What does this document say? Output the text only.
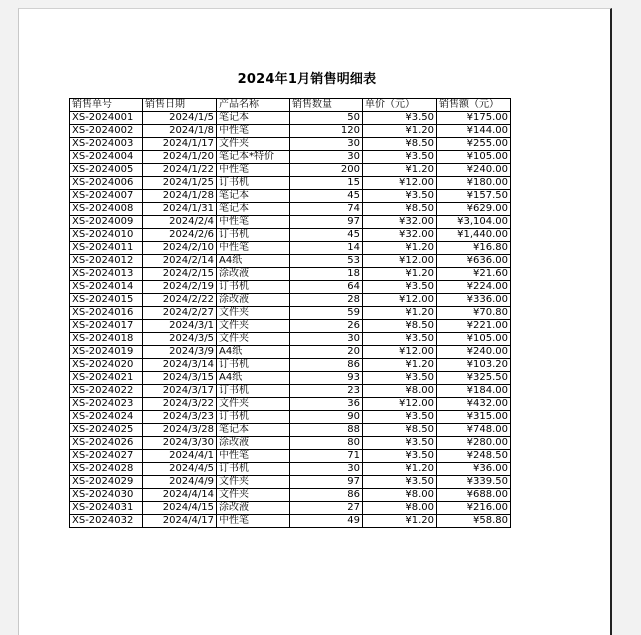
2024年1月销售明细表
销售单号	销售日期	产品名称	销售数量	单价（元）	销售额（元）
XS-2024001	2024/1/5	笔记本	50	¥3.50	¥175.00
XS-2024002	2024/1/8	中性笔	120	¥1.20	¥144.00
XS-2024003	2024/1/17	文件夹	30	¥8.50	¥255.00
XS-2024004	2024/1/20	笔记本*特价	30	¥3.50	¥105.00
XS-2024005	2024/1/22	中性笔	200	¥1.20	¥240.00
XS-2024006	2024/1/25	订书机	15	¥12.00	¥180.00
XS-2024007	2024/1/28	笔记本	45	¥3.50	¥157.50
XS-2024008	2024/1/31	笔记本	74	¥8.50	¥629.00
XS-2024009	2024/2/4	中性笔	97	¥32.00	¥3,104.00
XS-2024010	2024/2/6	订书机	45	¥32.00	¥1,440.00
XS-2024011	2024/2/10	中性笔	14	¥1.20	¥16.80
XS-2024012	2024/2/14	A4纸	53	¥12.00	¥636.00
XS-2024013	2024/2/15	涂改液	18	¥1.20	¥21.60
XS-2024014	2024/2/19	订书机	64	¥3.50	¥224.00
XS-2024015	2024/2/22	涂改液	28	¥12.00	¥336.00
XS-2024016	2024/2/27	文件夹	59	¥1.20	¥70.80
XS-2024017	2024/3/1	文件夹	26	¥8.50	¥221.00
XS-2024018	2024/3/5	文件夹	30	¥3.50	¥105.00
XS-2024019	2024/3/9	A4纸	20	¥12.00	¥240.00
XS-2024020	2024/3/14	订书机	86	¥1.20	¥103.20
XS-2024021	2024/3/15	A4纸	93	¥3.50	¥325.50
XS-2024022	2024/3/17	订书机	23	¥8.00	¥184.00
XS-2024023	2024/3/22	文件夹	36	¥12.00	¥432.00
XS-2024024	2024/3/23	订书机	90	¥3.50	¥315.00
XS-2024025	2024/3/28	笔记本	88	¥8.50	¥748.00
XS-2024026	2024/3/30	涂改液	80	¥3.50	¥280.00
XS-2024027	2024/4/1	中性笔	71	¥3.50	¥248.50
XS-2024028	2024/4/5	订书机	30	¥1.20	¥36.00
XS-2024029	2024/4/9	文件夹	97	¥3.50	¥339.50
XS-2024030	2024/4/14	文件夹	86	¥8.00	¥688.00
XS-2024031	2024/4/15	涂改液	27	¥8.00	¥216.00
XS-2024032	2024/4/17	中性笔	49	¥1.20	¥58.80
